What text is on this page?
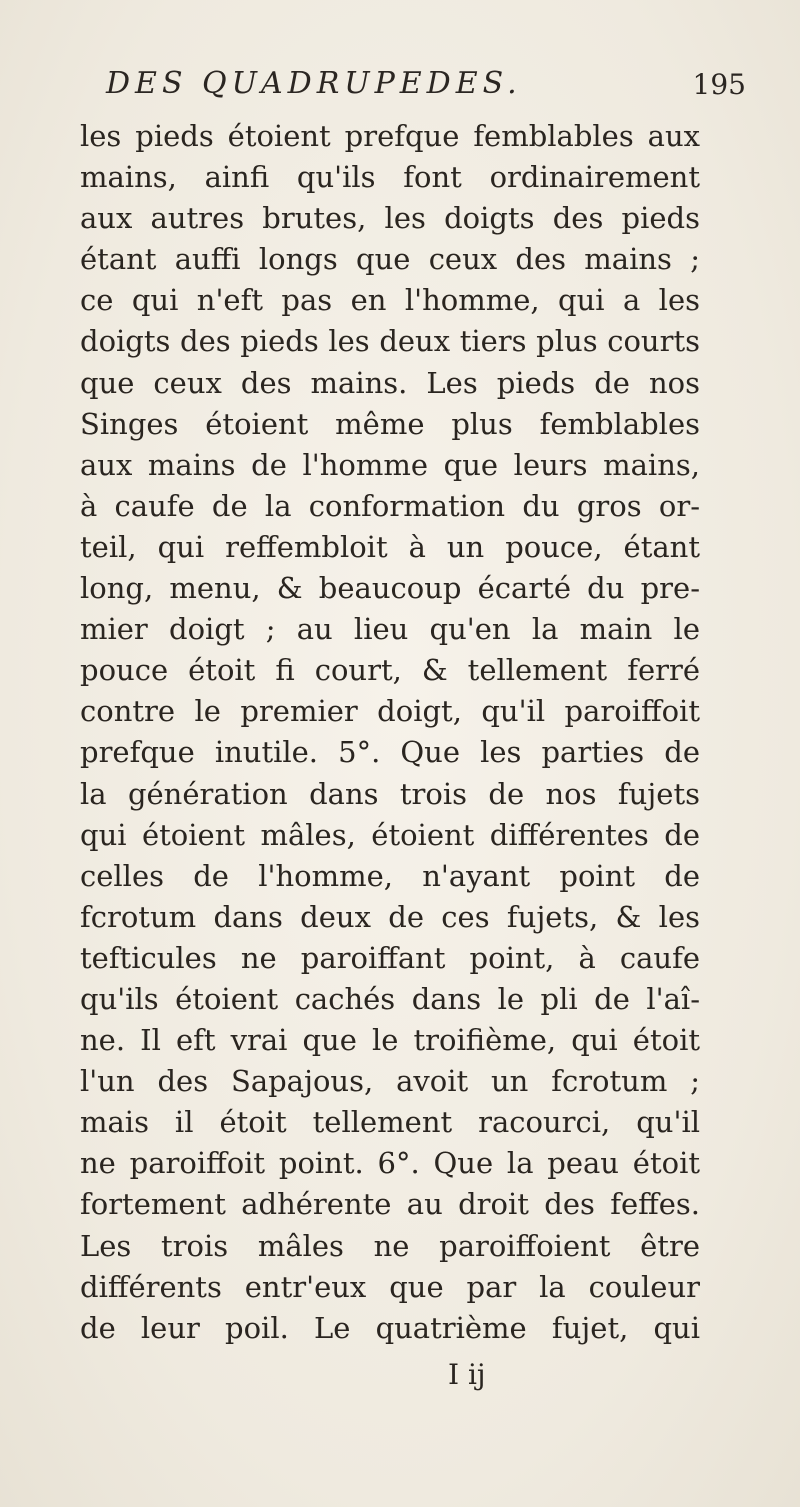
DES QUADRUPEDES.	195
les pieds étoient prefque femblables aux
mains, ainfi qu'ils font ordinairement
aux autres brutes, les doigts des pieds
étant auffi longs que ceux des mains ;
ce qui n'eft pas en l'homme, qui a les
doigts des pieds les deux tiers plus courts
que ceux des mains. Les pieds de nos
Singes étoient même plus femblables
aux mains de l'homme que leurs mains,
à caufe de la conformation du gros or-
teil, qui reffembloit à un pouce, étant
long, menu, & beaucoup écarté du pre-
mier doigt ; au lieu qu'en la main le
pouce étoit fi court, & tellement ferré
contre le premier doigt, qu'il paroiffoit
prefque inutile. 5°. Que les parties de
la génération dans trois de nos fujets
qui étoient mâles, étoient différentes de
celles de l'homme, n'ayant point de
fcrotum dans deux de ces fujets, & les
tefticules ne paroiffant point, à caufe
qu'ils étoient cachés dans le pli de l'aî-
ne. Il eft vrai que le troifième, qui étoit
l'un des Sapajous, avoit un fcrotum ;
mais il étoit tellement racourci, qu'il
ne paroiffoit point. 6°. Que la peau étoit
fortement adhérente au droit des feffes.
Les trois mâles ne paroiffoient être
différents entr'eux que par la couleur
de leur poil. Le quatrième fujet, qui
I ij
